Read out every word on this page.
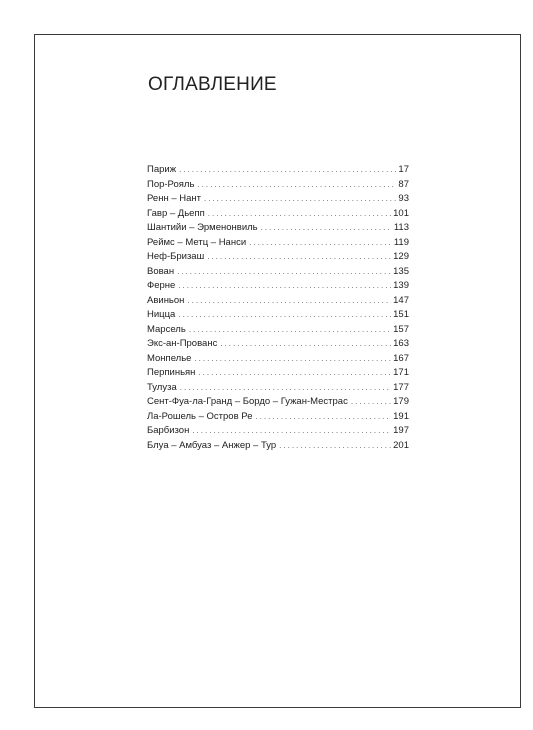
ОГЛАВЛЕНИЕ
Париж .....	17
Пор-Рояль .....	87
Ренн – Нант .....	93
Гавр – Дьепп .....	101
Шантийи – Эрменонвиль .....	113
Реймс – Метц – Нанси .....	119
Неф-Бризаш .....	129
Вован .....	135
Ферне .....	139
Авиньон .....	147
Ницца .....	151
Марсель .....	157
Экс-ан-Прованс .....	163
Монпелье .....	167
Перпиньян .....	171
Тулуза .....	177
Сент-Фуа-ла-Гранд – Бордо – Гужан-Местрас .....	179
Ла-Рошель – Остров Ре .....	191
Барбизон .....	197
Блуа – Амбуаз – Анжер – Тур .....	201
